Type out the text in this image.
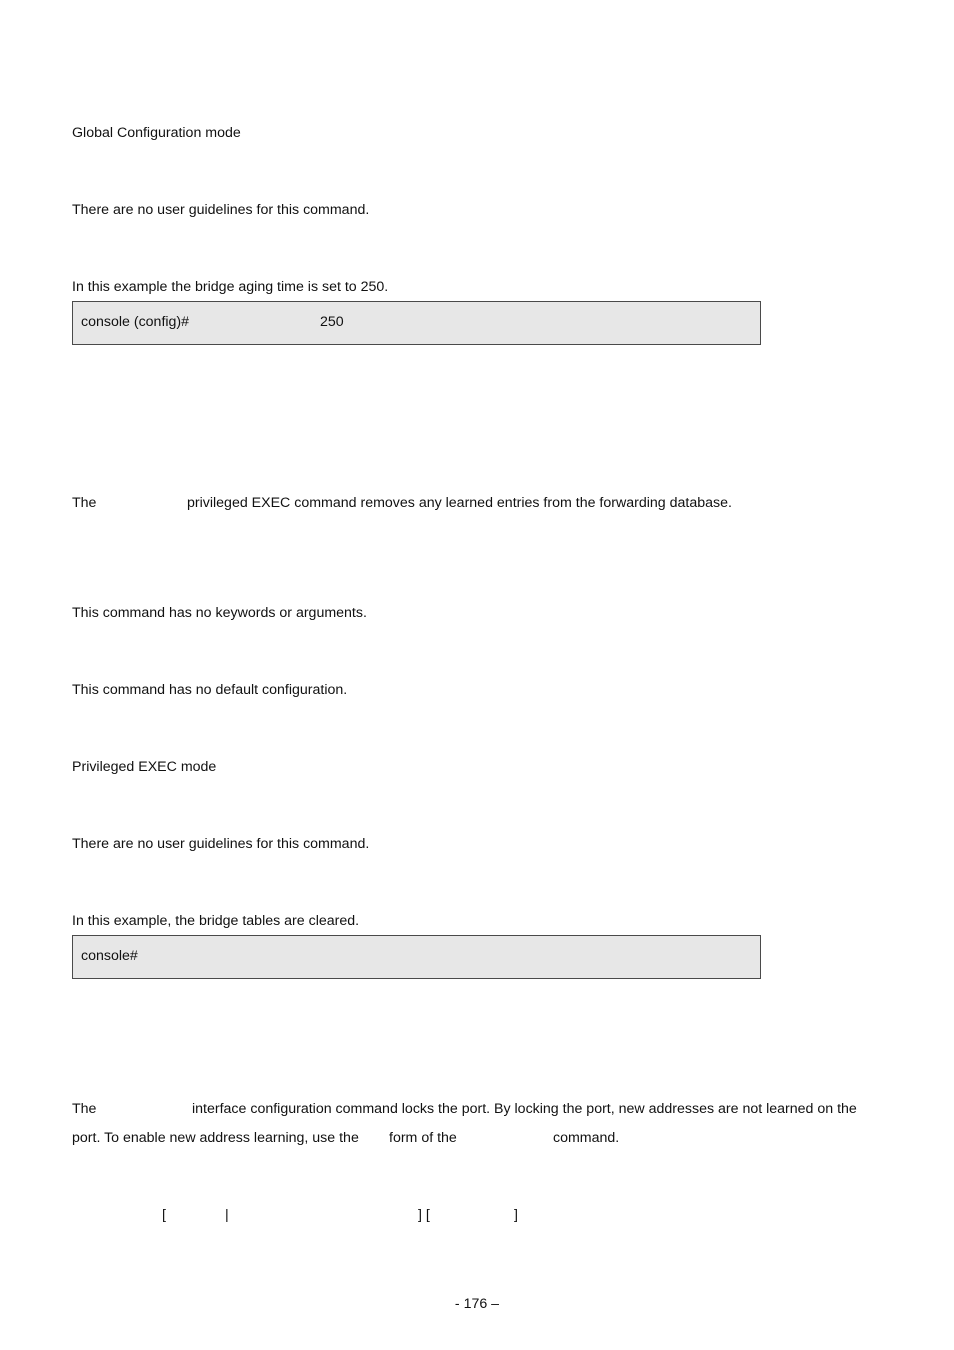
Global Configuration mode
There are no user guidelines for this command.
In this example the bridge aging time is set to 250.
console (config)#	250
The	privileged EXEC command removes any learned entries from the forwarding database.
This command has no keywords or arguments.
This command has no default configuration.
Privileged EXEC mode
There are no user guidelines for this command.
In this example, the bridge tables are cleared.
console#
The	interface configuration command locks the port. By locking the port, new addresses are not learned on the
port. To enable new address learning, use the form of the	command.
[	|	] [	]
- 176 –
